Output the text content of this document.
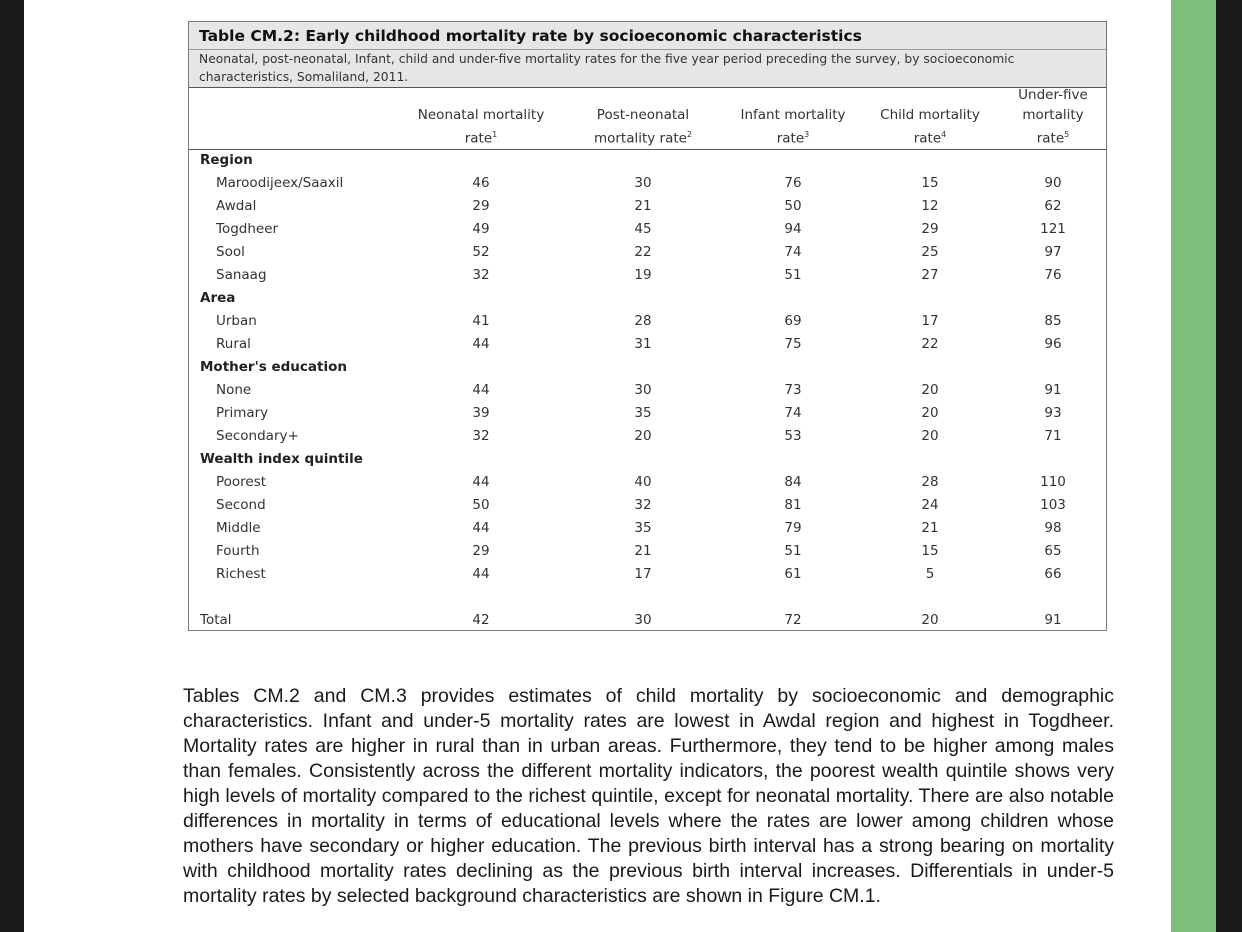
Table CM.2: Early childhood mortality rate by socioeconomic characteristics
Neonatal, post-neonatal, Infant, child and under-five mortality rates for the five year period preceding the survey, by socioeconomic characteristics, Somaliland, 2011.
Neonatal mortality
rate$^1$
Post-neonatal
mortality rate$^2$
Infant mortality
rate$^3$
Child mortality
rate$^4$
Under-five
mortality
rate$^5$
Region
Maroodijeex/Saaxil	46	30	76	15	90
Awdal	29	21	50	12	62
Togdheer	49	45	94	29	121
Sool	52	22	74	25	97
Sanaag	32	19	51	27	76
Area
Urban	41	28	69	17	85
Rural	44	31	75	22	96
Mother's education
None	44	30	73	20	91
Primary	39	35	74	20	93
Secondary+	32	20	53	20	71
Wealth index quintile
Poorest	44	40	84	28	110
Second	50	32	81	24	103
Middle	44	35	79	21	98
Fourth	29	21	51	15	65
Richest	44	17	61	5	66
Total	42	30	72	20	91
Tables CM.2 and CM.3 provides estimates of child mortality by socioeconomic and demographic characteristics. Infant and under-5 mortality rates are lowest in Awdal region and highest in Togdheer. Mortality rates are higher in rural than in urban areas. Furthermore, they tend to be higher among males than females. Consistently across the different mortality indicators, the poorest wealth quintile shows very high levels of mortality compared to the richest quintile, except for neonatal mortality. There are also notable differences in mortality in terms of educational levels where the rates are lower among children whose mothers have secondary or higher education. The previous birth interval has a strong bearing on mortality with childhood mortality rates declining as the previous birth interval increases. Differentials in under-5 mortality rates by selected background characteristics are shown in Figure CM.1.
